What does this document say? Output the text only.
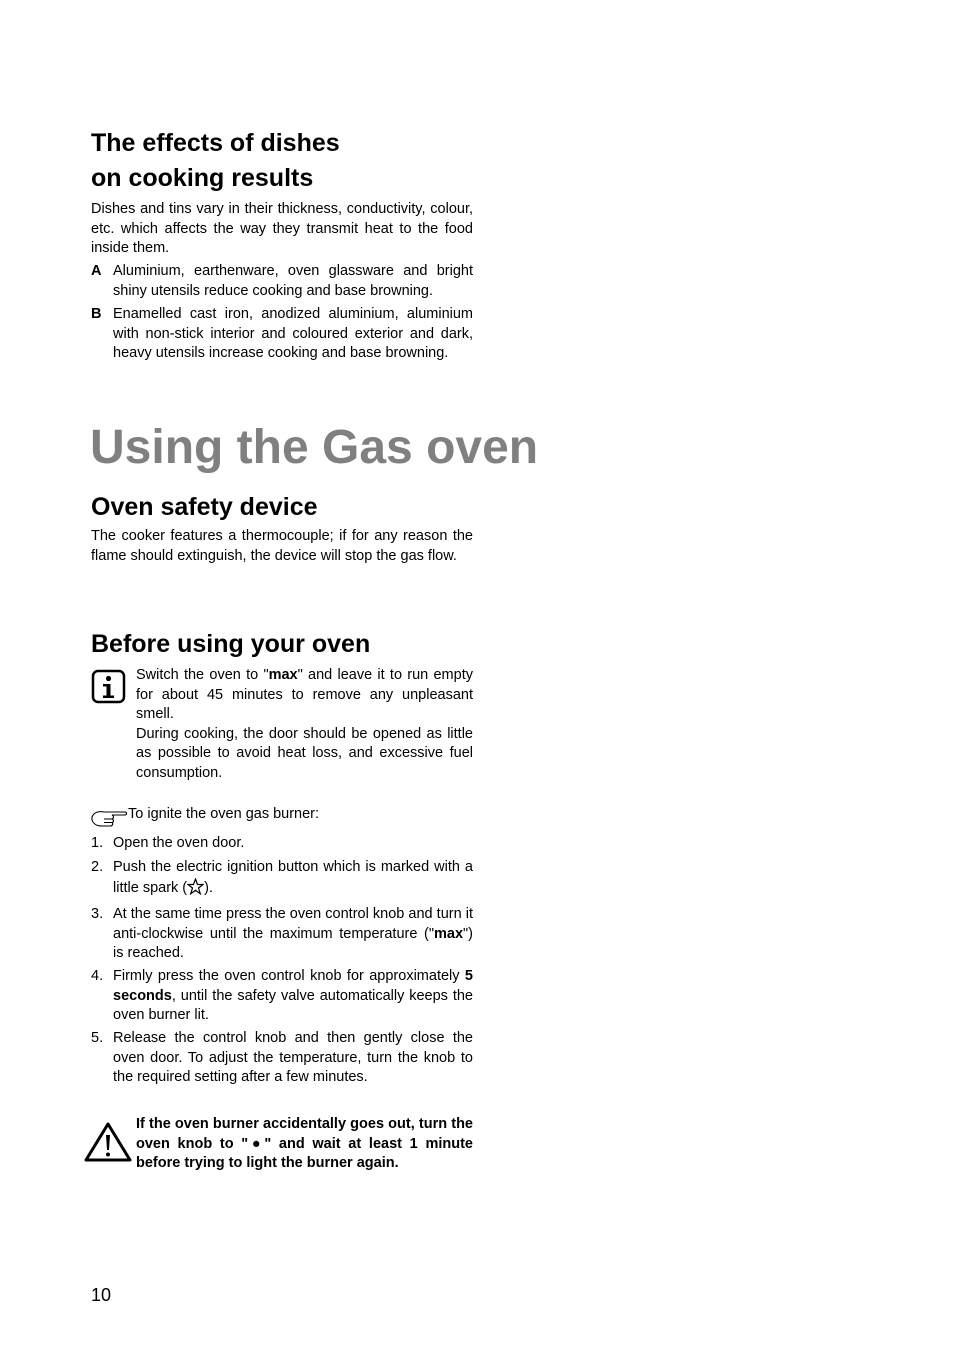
The effects of dishes
on cooking results

Dishes and tins vary in their thickness, conductivity, colour, etc. which affects the way they transmit heat to the food inside them.

A Aluminium, earthenware, oven glassware and bright shiny utensils reduce cooking and base browning.
B Enamelled cast iron, anodized aluminium, aluminium with non-stick interior and coloured exterior and dark, heavy utensils increase cooking and base browning.
Using the Gas oven
Oven safety device

The cooker features a thermocouple; if for any reason the flame should extinguish, the device will stop the gas flow.

Before using your oven

Switch the oven to "max" and leave it to run empty for about 45 minutes to remove any unpleasant smell.

During cooking, the door should be opened as little as possible to avoid heat loss, and excessive fuel consumption.

To ignite the oven gas burner:

1. Open the oven door.
2. Push the electric ignition button which is marked with a little spark ( ).
3. At the same time press the oven control knob and turn it anti-clockwise until the maximum temperature ("max") is reached.
4. Firmly press the oven control knob for approximately 5 seconds, until the safety valve automatically keeps the oven burner lit.
5. Release the control knob and then gently close the oven door. To adjust the temperature, turn the knob to the required setting after a few minutes.

If the oven burner accidentally goes out, turn the oven knob to "●" and wait at least 1 minute before trying to light the burner again.

10
